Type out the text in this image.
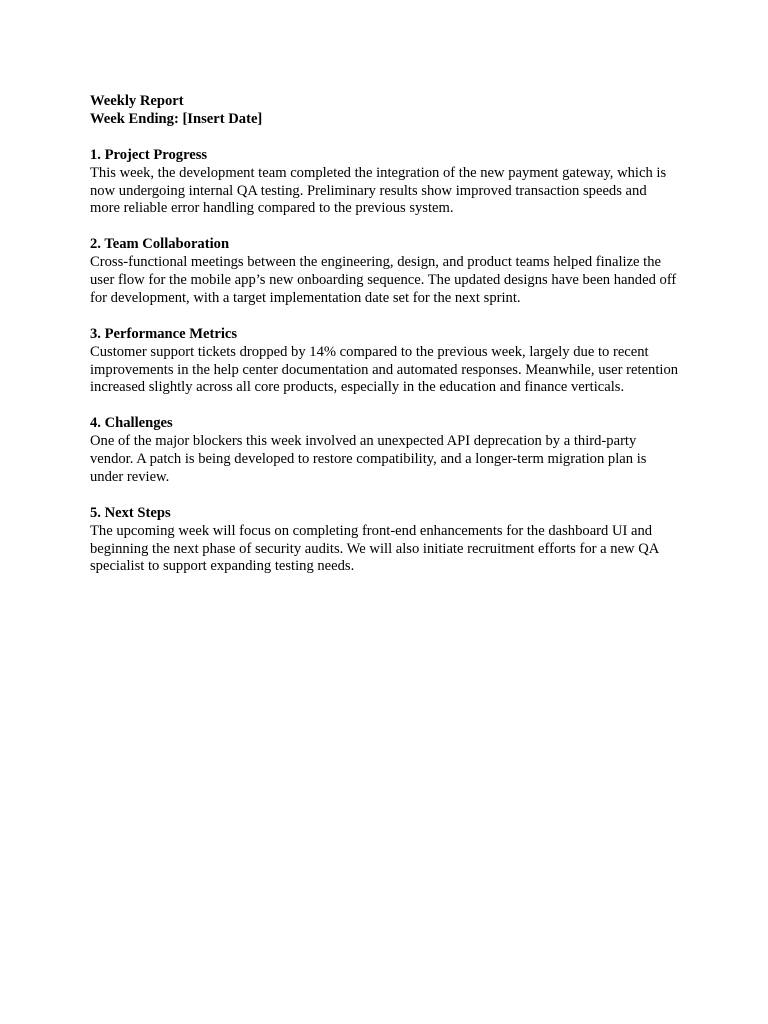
Weekly Report

Week Ending: [Insert Date]

1. Project Progress

This week, the development team completed the integration of the new payment gateway, which is now undergoing internal QA testing. Preliminary results show improved transaction speeds and more reliable error handling compared to the previous system.

2. Team Collaboration

Cross-functional meetings between the engineering, design, and product teams helped finalize the user flow for the mobile app’s new onboarding sequence. The updated designs have been handed off for development, with a target implementation date set for the next sprint.

3. Performance Metrics

Customer support tickets dropped by 14% compared to the previous week, largely due to recent improvements in the help center documentation and automated responses. Meanwhile, user retention increased slightly across all core products, especially in the education and finance verticals.

4. Challenges

One of the major blockers this week involved an unexpected API deprecation by a third-party vendor. A patch is being developed to restore compatibility, and a longer-term migration plan is under review.

5. Next Steps

The upcoming week will focus on completing front-end enhancements for the dashboard UI and beginning the next phase of security audits. We will also initiate recruitment efforts for a new QA specialist to support expanding testing needs.
